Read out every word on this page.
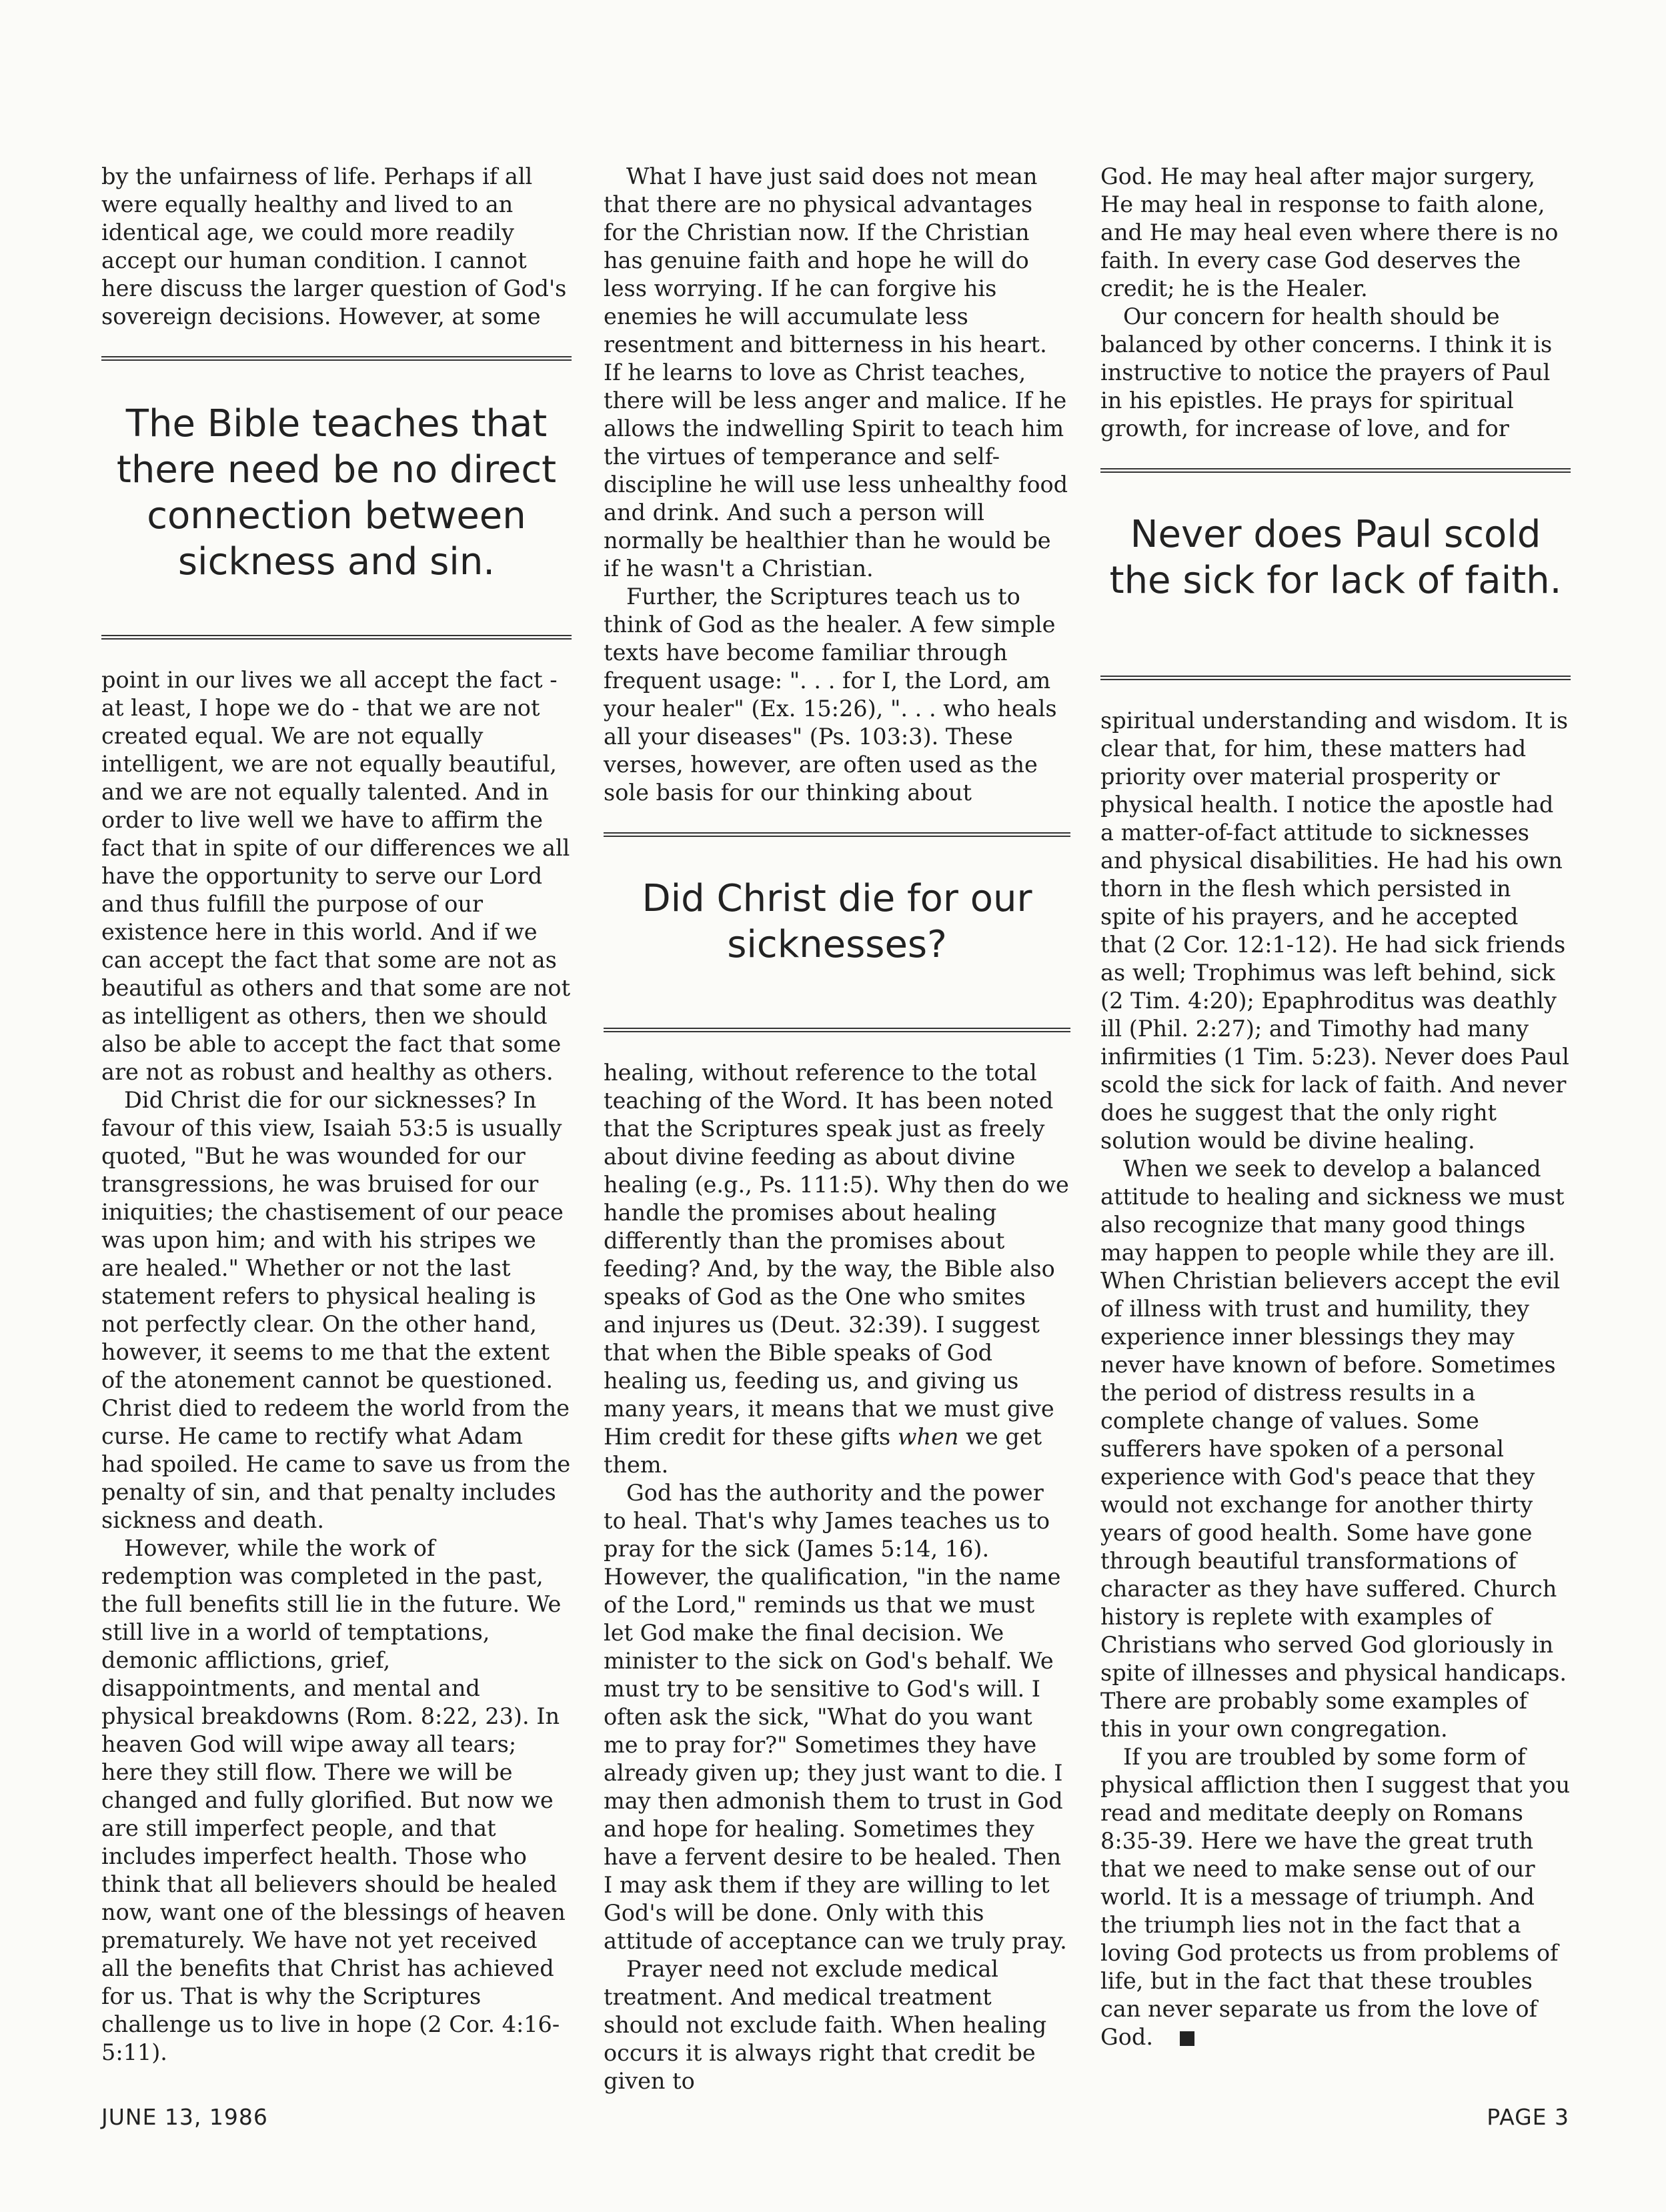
by the unfairness of life. Perhaps if all were equally healthy and lived to an identical age, we could more readily accept our human condition. I cannot here discuss the larger question of God's sovereign decisions. However, at some

The Bible teaches that there need be no direct connection between sickness and sin.

point in our lives we all accept the fact - at least, I hope we do - that we are not created equal. We are not equally intelligent, we are not equally beautiful, and we are not equally talented. And in order to live well we have to affirm the fact that in spite of our differences we all have the opportunity to serve our Lord and thus fulfill the purpose of our existence here in this world. And if we can accept the fact that some are not as beautiful as others and that some are not as intelligent as others, then we should also be able to accept the fact that some are not as robust and healthy as others.

Did Christ die for our sicknesses? In favour of this view, Isaiah 53:5 is usually quoted, "But he was wounded for our transgressions, he was bruised for our iniquities; the chastisement of our peace was upon him; and with his stripes we are healed." Whether or not the last statement refers to physical healing is not perfectly clear. On the other hand, however, it seems to me that the extent of the atonement cannot be questioned. Christ died to redeem the world from the curse. He came to rectify what Adam had spoiled. He came to save us from the penalty of sin, and that penalty includes sickness and death.

However, while the work of redemption was completed in the past, the full benefits still lie in the future. We still live in a world of temptations, demonic afflictions, grief, disappointments, and mental and physical breakdowns (Rom. 8:22, 23). In heaven God will wipe away all tears; here they still flow. There we will be changed and fully glorified. But now we are still imperfect people, and that includes imperfect health. Those who think that all believers should be healed now, want one of the blessings of heaven prematurely. We have not yet received all the benefits that Christ has achieved for us. That is why the Scriptures challenge us to live in hope (2 Cor. 4:16-5:11).

What I have just said does not mean that there are no physical advantages for the Christian now. If the Christian has genuine faith and hope he will do less worrying. If he can forgive his enemies he will accumulate less resentment and bitterness in his heart. If he learns to love as Christ teaches, there will be less anger and malice. If he allows the indwelling Spirit to teach him the virtues of temperance and self-discipline he will use less unhealthy food and drink. And such a person will normally be healthier than he would be if he wasn't a Christian.

Further, the Scriptures teach us to think of God as the healer. A few simple texts have become familiar through frequent usage: ". . . for I, the Lord, am your healer" (Ex. 15:26), ". . . who heals all your diseases" (Ps. 103:3). These verses, however, are often used as the sole basis for our thinking about

Did Christ die for our sicknesses?

healing, without reference to the total teaching of the Word. It has been noted that the Scriptures speak just as freely about divine feeding as about divine healing (e.g., Ps. 111:5). Why then do we handle the promises about healing differently than the promises about feeding? And, by the way, the Bible also speaks of God as the One who smites and injures us (Deut. 32:39). I suggest that when the Bible speaks of God healing us, feeding us, and giving us many years, it means that we must give Him credit for these gifts when we get them.

God has the authority and the power to heal. That's why James teaches us to pray for the sick (James 5:14, 16). However, the qualification, "in the name of the Lord," reminds us that we must let God make the final decision. We minister to the sick on God's behalf. We must try to be sensitive to God's will. I often ask the sick, "What do you want me to pray for?" Sometimes they have already given up; they just want to die. I may then admonish them to trust in God and hope for healing. Sometimes they have a fervent desire to be healed. Then I may ask them if they are willing to let God's will be done. Only with this attitude of acceptance can we truly pray.

Prayer need not exclude medical treatment. And medical treatment should not exclude faith. When healing occurs it is always right that credit be given to

God. He may heal after major surgery, He may heal in response to faith alone, and He may heal even where there is no faith. In every case God deserves the credit; he is the Healer.

Our concern for health should be balanced by other concerns. I think it is instructive to notice the prayers of Paul in his epistles. He prays for spiritual growth, for increase of love, and for

Never does Paul scold the sick for lack of faith.

spiritual understanding and wisdom. It is clear that, for him, these matters had priority over material prosperity or physical health. I notice the apostle had a matter-of-fact attitude to sicknesses and physical disabilities. He had his own thorn in the flesh which persisted in spite of his prayers, and he accepted that (2 Cor. 12:1-12). He had sick friends as well; Trophimus was left behind, sick (2 Tim. 4:20); Epaphroditus was deathly ill (Phil. 2:27); and Timothy had many infirmities (1 Tim. 5:23). Never does Paul scold the sick for lack of faith. And never does he suggest that the only right solution would be divine healing.

When we seek to develop a balanced attitude to healing and sickness we must also recognize that many good things may happen to people while they are ill. When Christian believers accept the evil of illness with trust and humility, they experience inner blessings they may never have known of before. Sometimes the period of distress results in a complete change of values. Some sufferers have spoken of a personal experience with God's peace that they would not exchange for another thirty years of good health. Some have gone through beautiful transformations of character as they have suffered. Church history is replete with examples of Christians who served God gloriously in spite of illnesses and physical handicaps. There are probably some examples of this in your own congregation.

If you are troubled by some form of physical affliction then I suggest that you read and meditate deeply on Romans 8:35-39. Here we have the great truth that we need to make sense out of our world. It is a message of triumph. And the triumph lies not in the fact that a loving God protects us from problems of life, but in the fact that these troubles can never separate us from the love of God.

JUNE 13, 1986	PAGE 3
